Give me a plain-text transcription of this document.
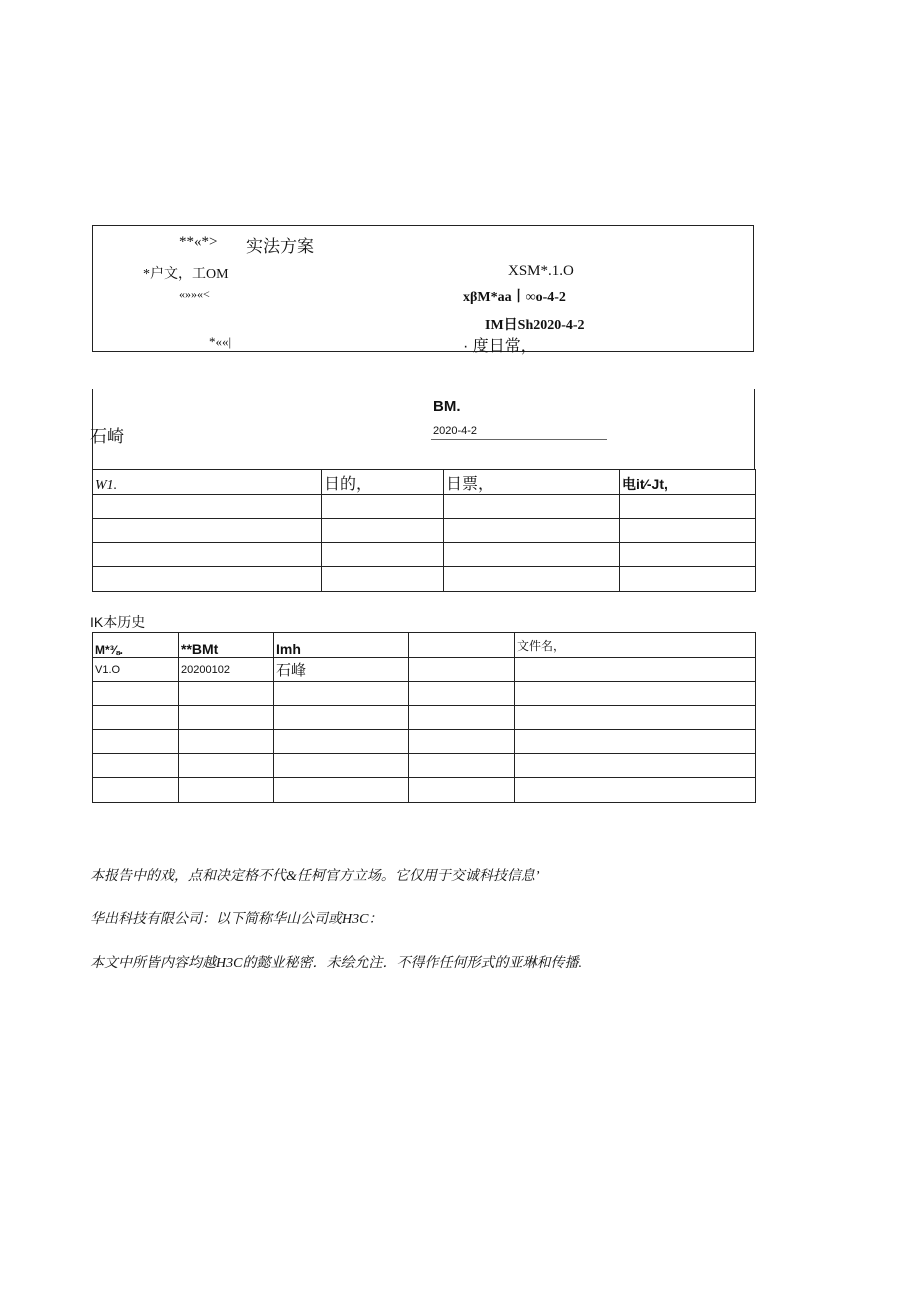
**«*> 实法方案
*户文，工OM	XSM*.1.O
«»»«<	xβM*aa丨∞o-4-2
IM日Sh2020-4-2
*««|	· 度日常，
BM.
石崎	2020-4-2
W1.	日的，	日票，	电it⁄-Jt,

IK本历史
M*⅜.	**BMt	Imh		文件名，
V1.O	20200102	石峰		

本报告中的戏，点和决定格不代&任柯官方立场。它仅用于交诚科技信息’
华出科技有限公司：以下简称华山公司或H3C：
本文中所皆内容均越H3C的懿业秘密．未绘允注．不得作任何形式的亚琳和传播.
